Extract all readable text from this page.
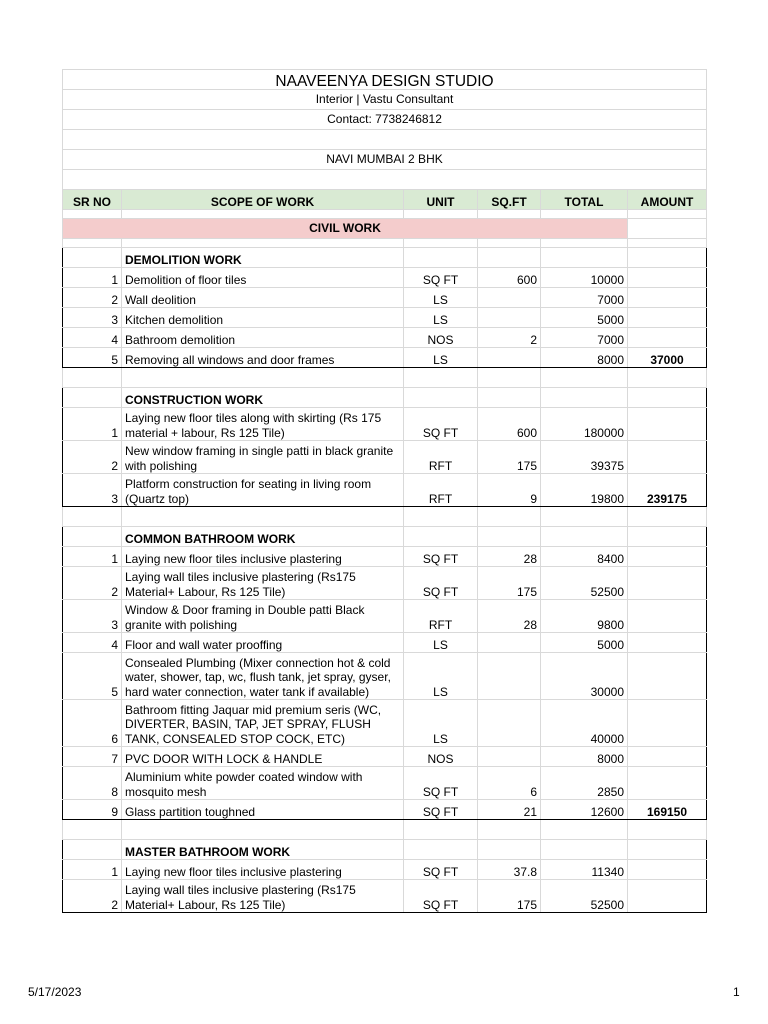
NAAVEENYA DESIGN STUDIO					
Interior | Vastu Consultant					
Contact: 7738246812					

NAVI MUMBAI 2 BHK					

SR NO	SCOPE OF WORK	UNIT	SQ.FT	TOTAL	AMOUNT

CIVIL WORK					

	DEMOLITION WORK				
1	Demolition of floor tiles	SQ FT	600	10000	
2	Wall deolition	LS		7000	
3	Kitchen demolition	LS		5000	
4	Bathroom demolition	NOS	2	7000	
5	Removing all windows and door frames	LS		8000	37000

	CONSTRUCTION WORK				
1	Laying new floor tiles along with skirting (Rs 175 material + labour, Rs 125 Tile)	SQ FT	600	180000	
2	New window framing in single patti in black granite with polishing	RFT	175	39375	
3	Platform construction for seating in living room (Quartz top)	RFT	9	19800	239175

	COMMON BATHROOM WORK				
1	Laying new floor tiles inclusive plastering	SQ FT	28	8400	
2	Laying wall tiles inclusive plastering (Rs175 Material+ Labour, Rs 125 Tile)	SQ FT	175	52500	
3	Window & Door framing in Double patti Black granite with polishing	RFT	28	9800	
4	Floor and wall water prooffing	LS		5000	
5	Consealed Plumbing (Mixer connection hot & cold water, shower, tap, wc, flush tank, jet spray, gyser, hard water connection, water tank if available)	LS		30000	
6	Bathroom fitting Jaquar mid premium seris (WC, DIVERTER, BASIN, TAP, JET SPRAY, FLUSH TANK, CONSEALED STOP COCK, ETC)	LS		40000	
7	PVC DOOR WITH LOCK & HANDLE	NOS		8000	
8	Aluminium white powder coated window with mosquito mesh	SQ FT	6	2850	
9	Glass partition toughned	SQ FT	21	12600	169150

	MASTER BATHROOM WORK				
1	Laying new floor tiles inclusive plastering	SQ FT	37.8	11340	
2	Laying wall tiles inclusive plastering (Rs175 Material+ Labour, Rs 125 Tile)	SQ FT	175	52500	
5/17/2023	1
